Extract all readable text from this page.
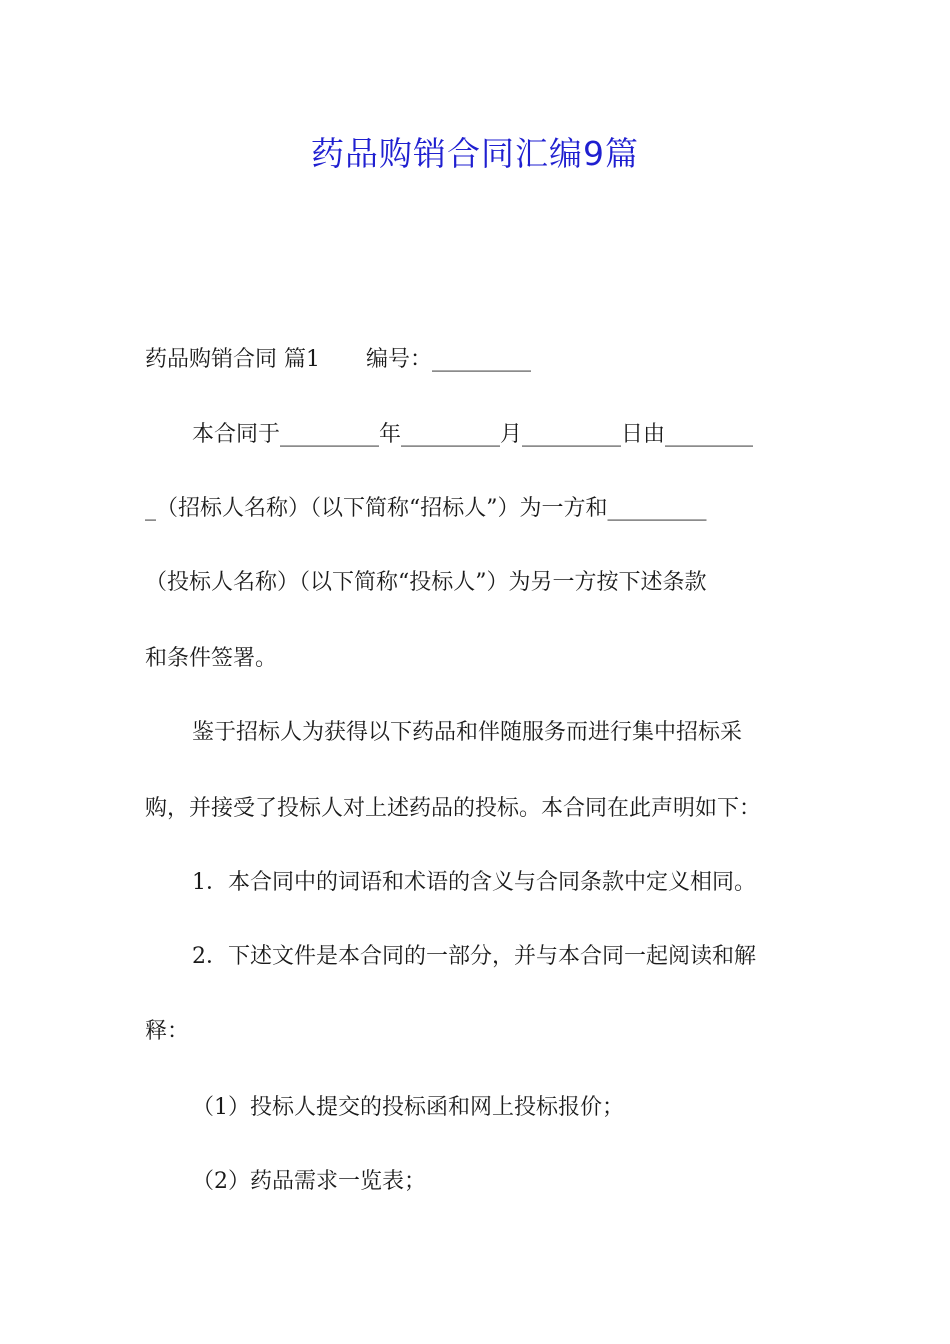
药品购销合同汇编9篇

药品购销合同 篇1 编号：_________

本合同于_________年_________月_________日由________

_（招标人名称）（以下简称“招标人”）为一方和_________

（投标人名称）（以下简称“投标人”）为另一方按下述条款

和条件签署。

鉴于招标人为获得以下药品和伴随服务而进行集中招标采

购，并接受了投标人对上述药品的投标。本合同在此声明如下：

1．本合同中的词语和术语的含义与合同条款中定义相同。

2．下述文件是本合同的一部分，并与本合同一起阅读和解

释：

（1）投标人提交的投标函和网上投标报价；

（2）药品需求一览表；
